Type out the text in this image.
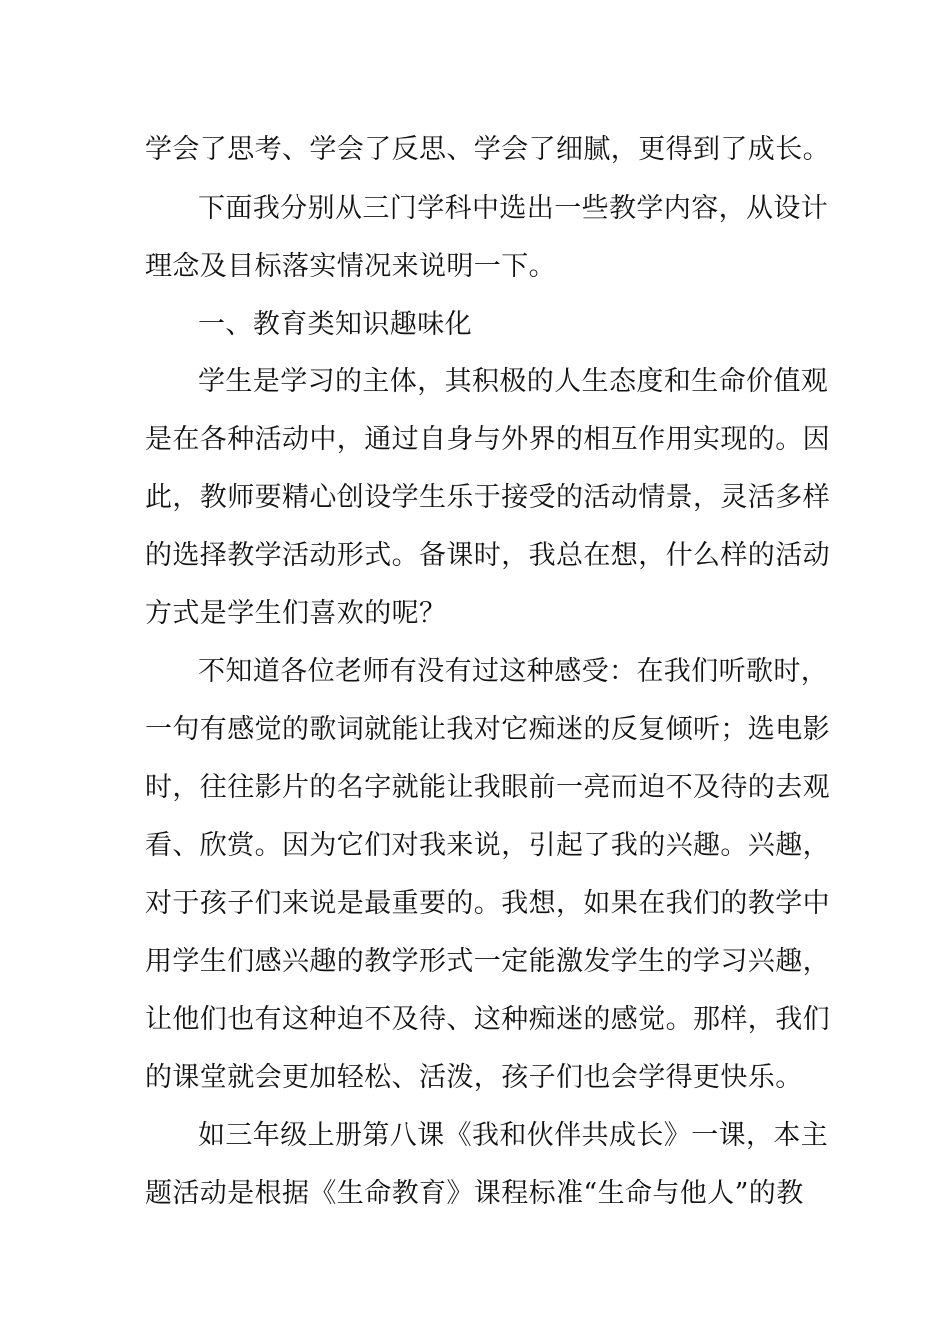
学会了思考、学会了反思、学会了细腻，更得到了成长。
下面我分别从三门学科中选出一些教学内容，从设计
理念及目标落实情况来说明一下。
一、教育类知识趣味化
学生是学习的主体，其积极的人生态度和生命价值观
是在各种活动中，通过自身与外界的相互作用实现的。因
此，教师要精心创设学生乐于接受的活动情景，灵活多样
的选择教学活动形式。备课时，我总在想，什么样的活动
方式是学生们喜欢的呢？
不知道各位老师有没有过这种感受：在我们听歌时，
一句有感觉的歌词就能让我对它痴迷的反复倾听；选电影
时，往往影片的名字就能让我眼前一亮而迫不及待的去观
看、欣赏。因为它们对我来说，引起了我的兴趣。兴趣，
对于孩子们来说是最重要的。我想，如果在我们的教学中
用学生们感兴趣的教学形式一定能激发学生的学习兴趣，
让他们也有这种迫不及待、这种痴迷的感觉。那样，我们
的课堂就会更加轻松、活泼，孩子们也会学得更快乐。
如三年级上册第八课《我和伙伴共成长》一课，本主
题活动是根据《生命教育》课程标准“生命与他人”的教
